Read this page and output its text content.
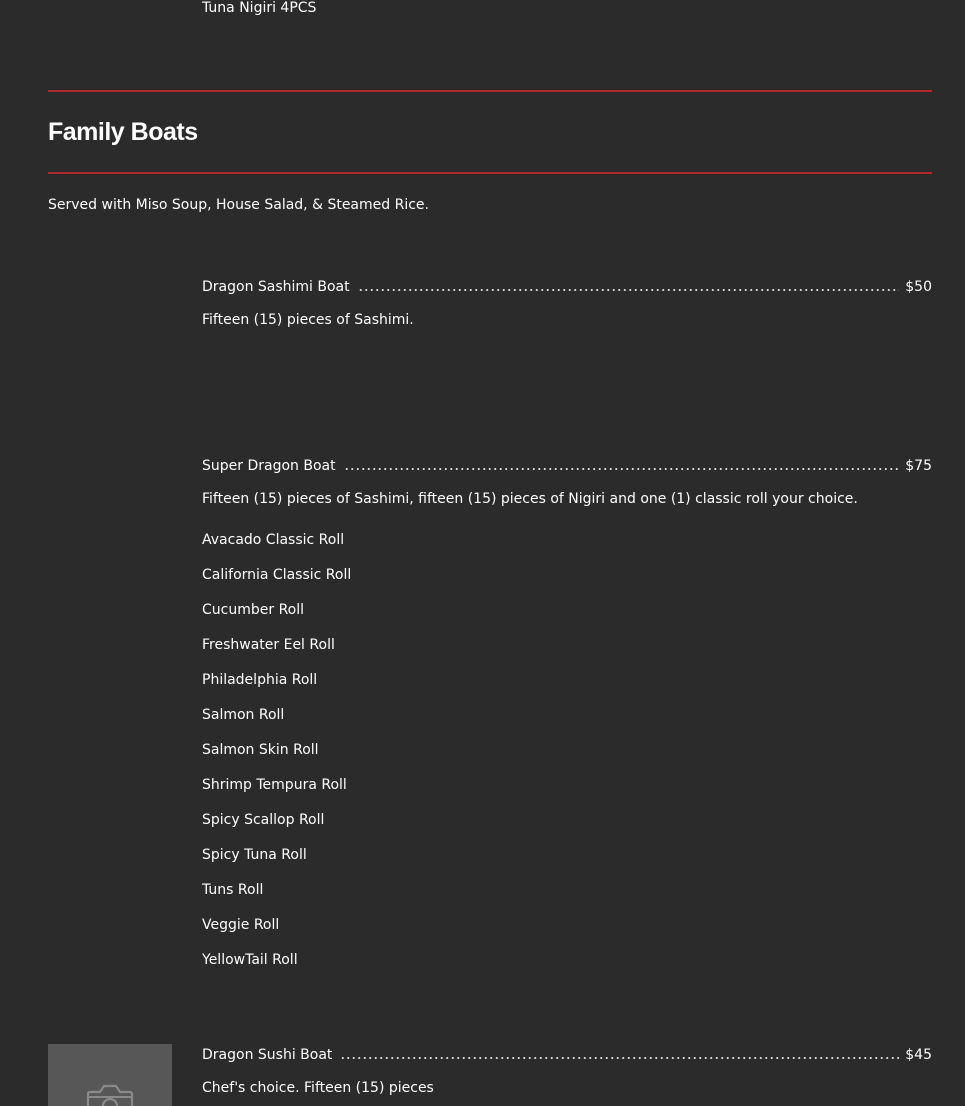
Tuna Nigiri 4PCS
Family Boats
Served with Miso Soup, House Salad, & Steamed Rice.
Dragon Sashimi Boat	$50
Fifteen (15) pieces of Sashimi.
Super Dragon Boat	$75
Fifteen (15) pieces of Sashimi, fifteen (15) pieces of Nigiri and one (1) classic roll your choice.
Avacado Classic Roll
California Classic Roll
Cucumber Roll
Freshwater Eel Roll
Philadelphia Roll
Salmon Roll
Salmon Skin Roll
Shrimp Tempura Roll
Spicy Scallop Roll
Spicy Tuna Roll
Tuns Roll
Veggie Roll
YellowTail Roll
Dragon Sushi Boat	$45
Chef's choice. Fifteen (15) pieces
